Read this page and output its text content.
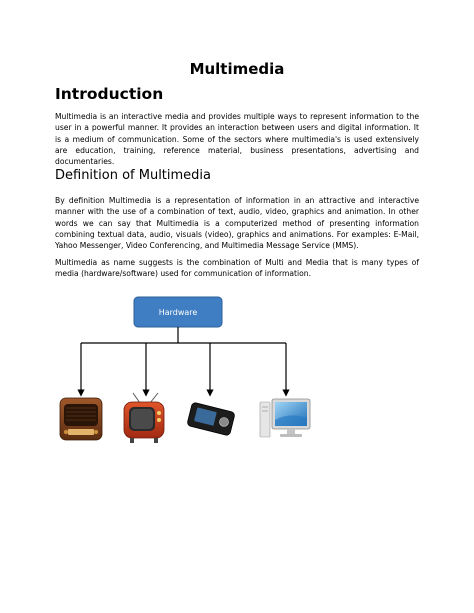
Multimedia
Introduction
Multimedia is an interactive media and provides multiple ways to represent information to the user in a powerful manner. It provides an interaction between users and digital information. It is a medium of communication. Some of the sectors where multimedia's is used extensively are education, training, reference material, business presentations, advertising and documentaries.
Definition of Multimedia
By definition Multimedia is a representation of information in an attractive and interactive manner with the use of a combination of text, audio, video, graphics and animation. In other words we can say that Multimedia is a computerized method of presenting information combining textual data, audio, visuals (video), graphics and animations. For examples: E-Mail, Yahoo Messenger, Video Conferencing, and Multimedia Message Service (MMS).
Multimedia as name suggests is the combination of Multi and Media that is many types of media (hardware/software) used for communication of information.
Hardware
